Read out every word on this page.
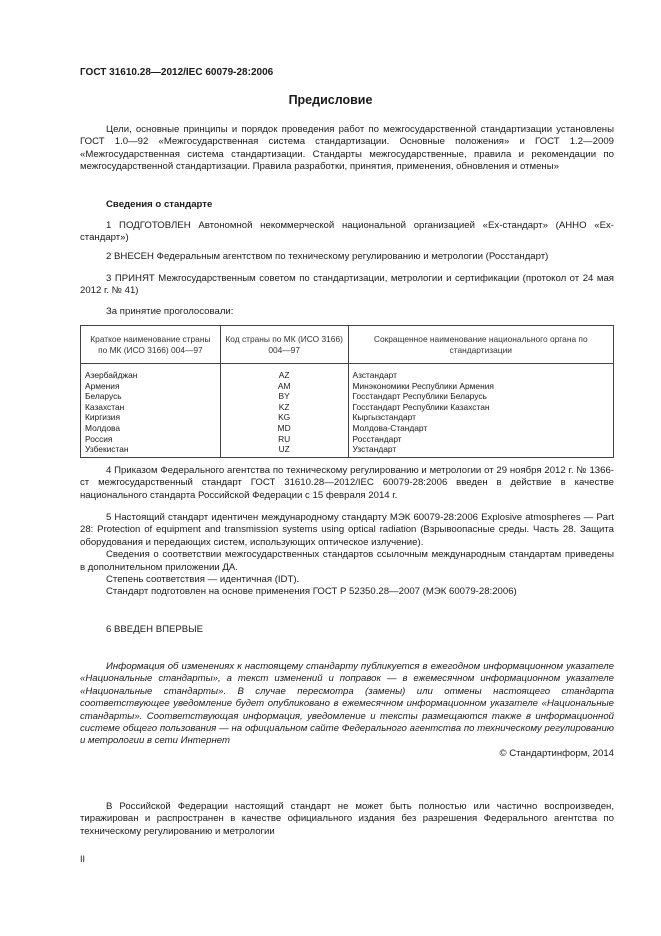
ГОСТ 31610.28—2012/IEC 60079-28:2006
Предисловие

Цели, основные принципы и порядок проведения работ по межгосударственной стандартизации установлены ГОСТ 1.0—92 «Межгосударственная система стандартизации. Основные положения» и ГОСТ 1.2—2009 «Межгосударственная система стандартизации. Стандарты межгосударственные, правила и рекомендации по межгосударственной стандартизации. Правила разработки, принятия, применения, обновления и отмены»

Сведения о стандарте

1 ПОДГОТОВЛЕН Автономной некоммерческой национальной организацией «Ех-стандарт» (АННО «Ех-стандарт»)

2 ВНЕСЕН Федеральным агентством по техническому регулированию и метрологии (Росстандарт)

3 ПРИНЯТ Межгосударственным советом по стандартизации, метрологии и сертификации (протокол от 24 мая 2012 г. № 41)

За принятие проголосовали:

Краткое наименование страны по МК (ИСО 3166) 004—97	Код страны по МК (ИСО 3166) 004—97	Сокращенное наименование национального органа по стандартизации
Азербайджан	AZ	Азстандарт
Армения	AM	Минэкономики Республики Армения
Беларусь	BY	Госстандарт Республики Беларусь
Казахстан	KZ	Госстандарт Республики Казахстан
Киргизия	KG	Кыргызстандарт
Молдова	MD	Молдова-Стандарт
Россия	RU	Росстандарт
Узбекистан	UZ	Узстандарт

4 Приказом Федерального агентства по техническому регулированию и метрологии от 29 ноября 2012 г. № 1366-ст межгосударственный стандарт ГОСТ 31610.28—2012/IEC 60079-28:2006 введен в действие в качестве национального стандарта Российской Федерации с 15 февраля 2014 г.

5 Настоящий стандарт идентичен международному стандарту МЭК 60079-28:2006 Explosive atmospheres — Part 28: Protection of equipment and transmission systems using optical radiation (Взрывоопасные среды. Часть 28. Защита оборудования и передающих систем, использующих оптическое излучение).

Сведения о соответствии межгосударственных стандартов ссылочным международным стандартам приведены в дополнительном приложении ДА.

Степень соответствия — идентичная (IDT).

Стандарт подготовлен на основе применения ГОСТ Р 52350.28—2007 (МЭК 60079-28:2006)

6 ВВЕДЕН ВПЕРВЫЕ

Информация об изменениях к настоящему стандарту публикуется в ежегодном информационном указателе «Национальные стандарты», а текст изменений и поправок — в ежемесячном информационном указателе «Национальные стандарты». В случае пересмотра (замены) или отмены настоящего стандарта соответствующее уведомление будет опубликовано в ежемесячном информационном указателе «Национальные стандарты». Соответствующая информация, уведомление и тексты размещаются также в информационной системе общего пользования — на официальном сайте Федерального агентства по техническому регулированию и метрологии в сети Интернет

© Стандартинформ, 2014

В Российской Федерации настоящий стандарт не может быть полностью или частично воспроизведен, тиражирован и распространен в качестве официального издания без разрешения Федерального агентства по техническому регулированию и метрологии

II
